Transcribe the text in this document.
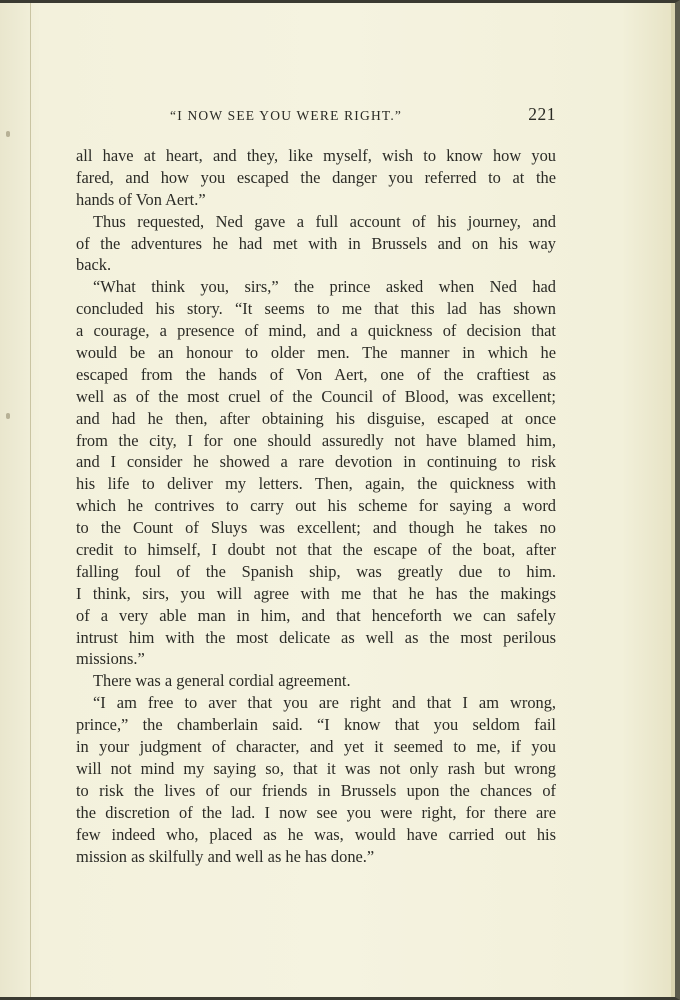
“I NOW SEE YOU WERE RIGHT.”	221
all have at heart, and they, like myself, wish to know how you
fared, and how you escaped the danger you referred to at the
hands of Von Aert.”
Thus requested, Ned gave a full account of his journey, and
of the adventures he had met with in Brussels and on his way
back.
“What think you, sirs,” the prince asked when Ned had
concluded his story. “It seems to me that this lad has shown
a courage, a presence of mind, and a quickness of decision that
would be an honour to older men. The manner in which he
escaped from the hands of Von Aert, one of the craftiest as
well as of the most cruel of the Council of Blood, was excellent;
and had he then, after obtaining his disguise, escaped at once
from the city, I for one should assuredly not have blamed him,
and I consider he showed a rare devotion in continuing to risk
his life to deliver my letters. Then, again, the quickness with
which he contrives to carry out his scheme for saying a word
to the Count of Sluys was excellent; and though he takes no
credit to himself, I doubt not that the escape of the boat, after
falling foul of the Spanish ship, was greatly due to him.
I think, sirs, you will agree with me that he has the makings
of a very able man in him, and that henceforth we can safely
intrust him with the most delicate as well as the most perilous
missions.”
There was a general cordial agreement.
“I am free to aver that you are right and that I am wrong,
prince,” the chamberlain said. “I know that you seldom fail
in your judgment of character, and yet it seemed to me, if you
will not mind my saying so, that it was not only rash but wrong
to risk the lives of our friends in Brussels upon the chances of
the discretion of the lad. I now see you were right, for there are
few indeed who, placed as he was, would have carried out his
mission as skilfully and well as he has done.”
